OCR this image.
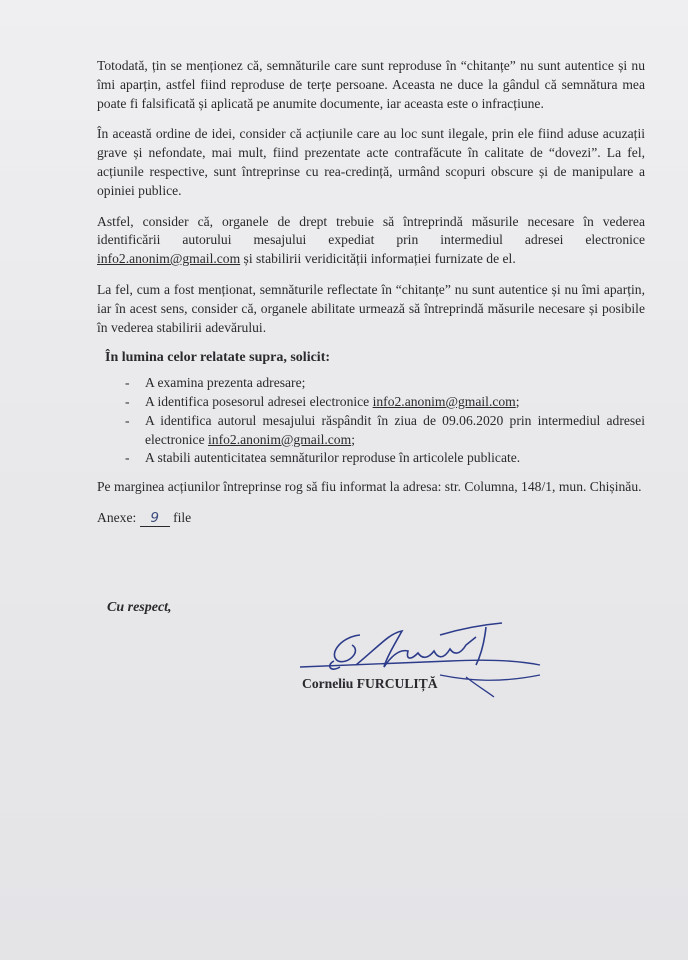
Totodată, țin se menționez că, semnăturile care sunt reproduse în “chitanțe” nu sunt autentice și nu îmi aparțin, astfel fiind reproduse de terțe persoane. Aceasta ne duce la gândul că semnătura mea poate fi falsificată și aplicată pe anumite documente, iar aceasta este o infracțiune.

În această ordine de idei, consider că acțiunile care au loc sunt ilegale, prin ele fiind aduse acuzații grave și nefondate, mai mult, fiind prezentate acte contrafăcute în calitate de “dovezi”. La fel, acțiunile respective, sunt întreprinse cu rea-credință, urmând scopuri obscure și de manipulare a opiniei publice.

Astfel, consider că, organele de drept trebuie să întreprindă măsurile necesare în vederea identificării autorului mesajului expediat prin intermediul adresei electronice info2.anonim@gmail.com și stabilirii veridicității informației furnizate de el.

La fel, cum a fost menționat, semnăturile reflectate în “chitanțe” nu sunt autentice și nu îmi aparțin, iar în acest sens, consider că, organele abilitate urmează să întreprindă măsurile necesare și posibile în vederea stabilirii adevărului.

În lumina celor relatate supra, solicit:

- A examina prezenta adresare;
- A identifica posesorul adresei electronice info2.anonim@gmail.com;
- A identifica autorul mesajului răspândit în ziua de 09.06.2020 prin intermediul adresei electronice info2.anonim@gmail.com;
- A stabili autenticitatea semnăturilor reproduse în articolele publicate.

Pe marginea acțiunilor întreprinse rog să fiu informat la adresa: str. Columna, 148/1, mun. Chișinău.

Anexe: 9 file

Cu respect,
Corneliu FURCULIȚĂ
